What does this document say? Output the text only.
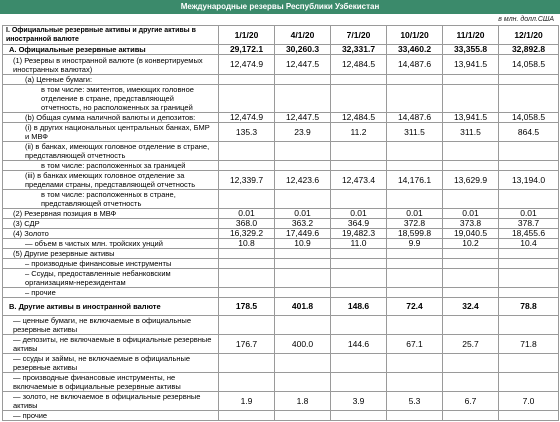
Международные резервы Республики Узбекистан
в млн. долл.США
I. Официальные резервные активы и другие активы в иностранной валюте	1/1/20	4/1/20	7/1/20	10/1/20	11/1/20	12/1/20
A. Официальные резервные активы	29,172.1	30,260.3	32,331.7	33,460.2	33,355.8	32,892.8
(1) Резервы в иностранной валюте (в конвертируемых иностранных валютах)	12,474.9	12,447.5	12,484.5	14,487.6	13,941.5	14,058.5
(а) Ценные бумаги:						
в том числе: эмитентов, имеющих головное отделение в стране, представляющей отчетность, но расположенных за границей						
(b) Общая сумма наличной валюты и депозитов:	12,474.9	12,447.5	12,484.5	14,487.6	13,941.5	14,058.5
(i) в других национальных центральных банках, БМР и МВФ	135.3	23.9	11.2	311.5	311.5	864.5
(ii) в банках, имеющих головное отделение в стране, представляющей отчетность						
в том числе: расположенных за границей						
(iii) в банках имеющих головное отделение за пределами страны, представляющей отчетность	12,339.7	12,423.6	12,473.4	14,176.1	13,629.9	13,194.0
в том числе: расположенных в стране, представляющей отчетность						
(2) Резервная позиция в МВФ	0.01	0.01	0.01	0.01	0.01	0.01
(3) СДР	368.0	363.2	364.9	372.8	373.8	378.7
(4) Золото	16,329.2	17,449.6	19,482.3	18,599.8	19,040.5	18,455.6
— объем в чистых млн. тройских унций	10.8	10.9	11.0	9.9	10.2	10.4
(5) Другие резервные активы						
– производные финансовые инструменты						
– Ссуды, предоставленные небанковским организациям-нерезидентам						
– прочие						
B. Другие активы в иностранной валюте	178.5	401.8	148.6	72.4	32.4	78.8
— ценные бумаги, не включаемые в официальные резервные активы						
— депозиты, не включаемые в официальные резервные активы	176.7	400.0	144.6	67.1	25.7	71.8
— ссуды и займы, не включаемые в официальные резервные активы						
— производные финансовые инструменты, не включаемые в официальные резервные активы						
— золото, не включаемое в официальные резервные активы	1.9	1.8	3.9	5.3	6.7	7.0
— прочие						
